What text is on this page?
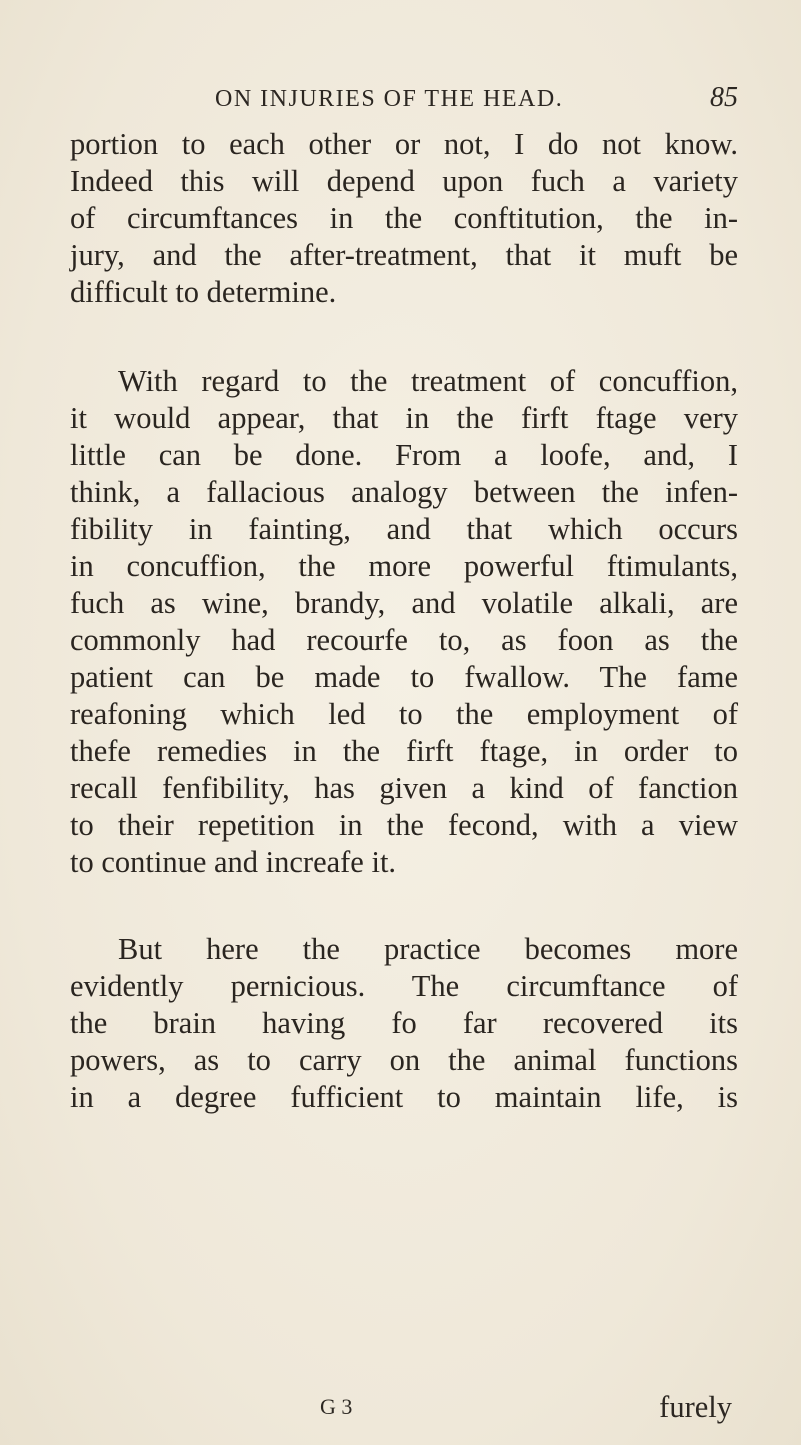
ON INJURIES OF THE HEAD.	85

portion to each other or not, I do not know.
Indeed this will depend upon fuch a variety
of circumftances in the conftitution, the in-
jury, and the after-treatment, that it muft be
difficult to determine.

With regard to the treatment of concuffion,
it would appear, that in the firft ftage very
little can be done. From a loofe, and, I
think, a fallacious analogy between the infen-
fibility in fainting, and that which occurs
in concuffion, the more powerful ftimulants,
fuch as wine, brandy, and volatile alkali, are
commonly had recourfe to, as foon as the
patient can be made to fwallow. The fame
reafoning which led to the employment of
thefe remedies in the firft ftage, in order to
recall fenfibility, has given a kind of fanction
to their repetition in the fecond, with a view
to continue and increafe it.

But here the practice becomes more
evidently pernicious. The circumftance of
the brain having fo far recovered its
powers, as to carry on the animal functions
in a degree fufficient to maintain life, is

G 3	furely
